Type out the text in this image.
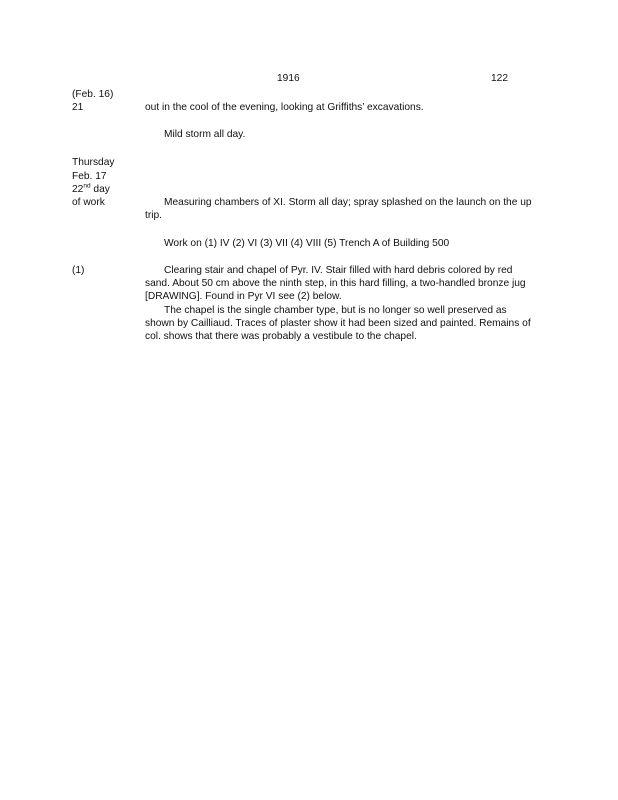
1916	122
(Feb. 16)
21
Thursday
Feb. 17
22nd day
of work
(1)
out in the cool of the evening, looking at Griffiths’ excavations.
Mild storm all day.
Measuring chambers of XI. Storm all day; spray splashed on the launch on the up trip.
Work on (1) IV (2) VI (3) VII (4) VIII (5) Trench A of Building 500
Clearing stair and chapel of Pyr. IV. Stair filled with hard debris colored by red sand. About 50 cm above the ninth step, in this hard filling, a two-handled bronze jug [DRAWING]. Found in Pyr VI see (2) below.
The chapel is the single chamber type, but is no longer so well preserved as shown by Cailliaud. Traces of plaster show it had been sized and painted. Remains of col. shows that there was probably a vestibule to the chapel.
